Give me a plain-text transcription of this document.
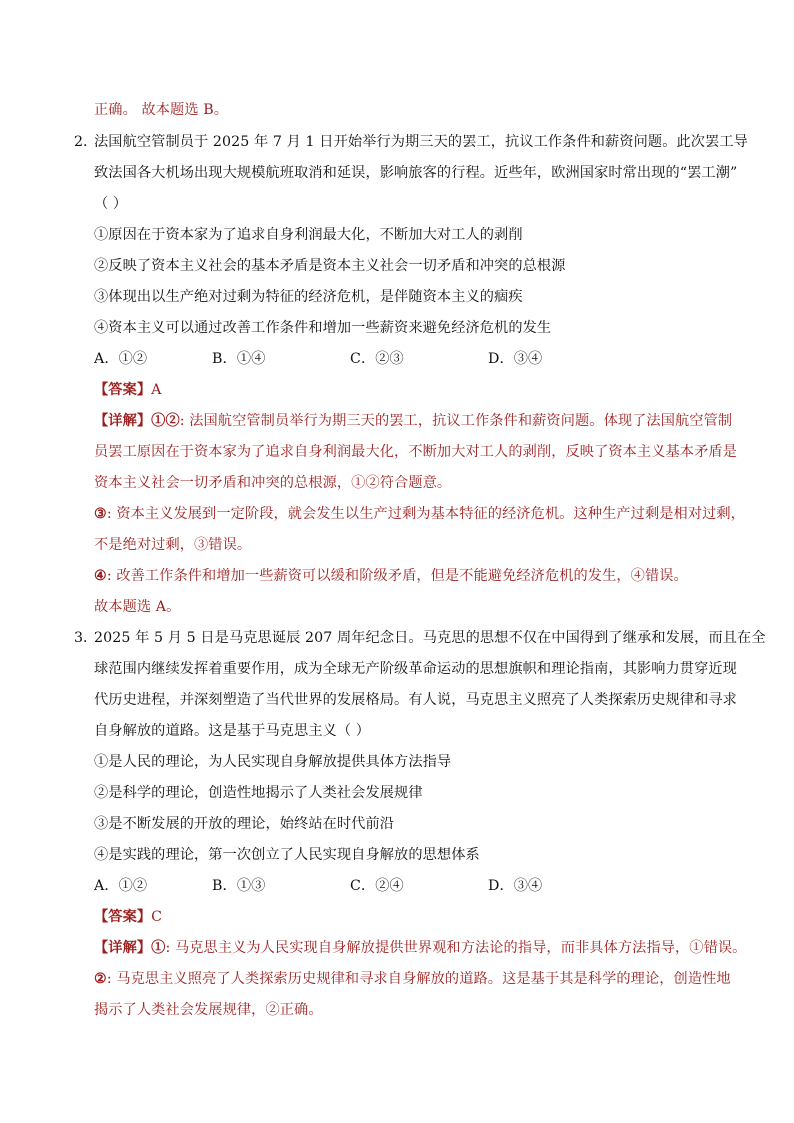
正确。 故本题选 B。
2．
法国航空管制员于 2025 年 7 月 1 日开始举行为期三天的罢工，抗议工作条件和薪资问题。此次罢工导
致法国各大机场出现大规模航班取消和延误，影响旅客的行程。近些年，欧洲国家时常出现的“罢工潮”
（ ）
①原因在于资本家为了追求自身利润最大化，不断加大对工人的剥削
②反映了资本主义社会的基本矛盾是资本主义社会一切矛盾和冲突的总根源
③体现出以生产绝对过剩为特征的经济危机，是伴随资本主义的痼疾
④资本主义可以通过改善工作条件和增加一些薪资来避免经济危机的发生
A．①②	B．①④	C．②③	D．③④
【答案】A
【详解】①②: 法国航空管制员举行为期三天的罢工，抗议工作条件和薪资问题。体现了法国航空管制
员罢工原因在于资本家为了追求自身利润最大化，不断加大对工人的剥削，反映了资本主义基本矛盾是
资本主义社会一切矛盾和冲突的总根源，①②符合题意。
③: 资本主义发展到一定阶段，就会发生以生产过剩为基本特征的经济危机。这种生产过剩是相对过剩，
不是绝对过剩，③错误。
④: 改善工作条件和增加一些薪资可以缓和阶级矛盾，但是不能避免经济危机的发生，④错误。
故本题选 A。
3．
2025 年 5 月 5 日是马克思诞辰 207 周年纪念日。马克思的思想不仅在中国得到了继承和发展，而且在全
球范围内继续发挥着重要作用，成为全球无产阶级革命运动的思想旗帜和理论指南，其影响力贯穿近现
代历史进程，并深刻塑造了当代世界的发展格局。有人说，马克思主义照亮了人类探索历史规律和寻求
自身解放的道路。这是基于马克思主义（ ）
①是人民的理论，为人民实现自身解放提供具体方法指导
②是科学的理论，创造性地揭示了人类社会发展规律
③是不断发展的开放的理论，始终站在时代前沿
④是实践的理论，第一次创立了人民实现自身解放的思想体系
A．①②	B．①③	C．②④	D．③④
【答案】C
【详解】①: 马克思主义为人民实现自身解放提供世界观和方法论的指导，而非具体方法指导，①错误。
②: 马克思主义照亮了人类探索历史规律和寻求自身解放的道路。这是基于其是科学的理论，创造性地
揭示了人类社会发展规律，②正确。
